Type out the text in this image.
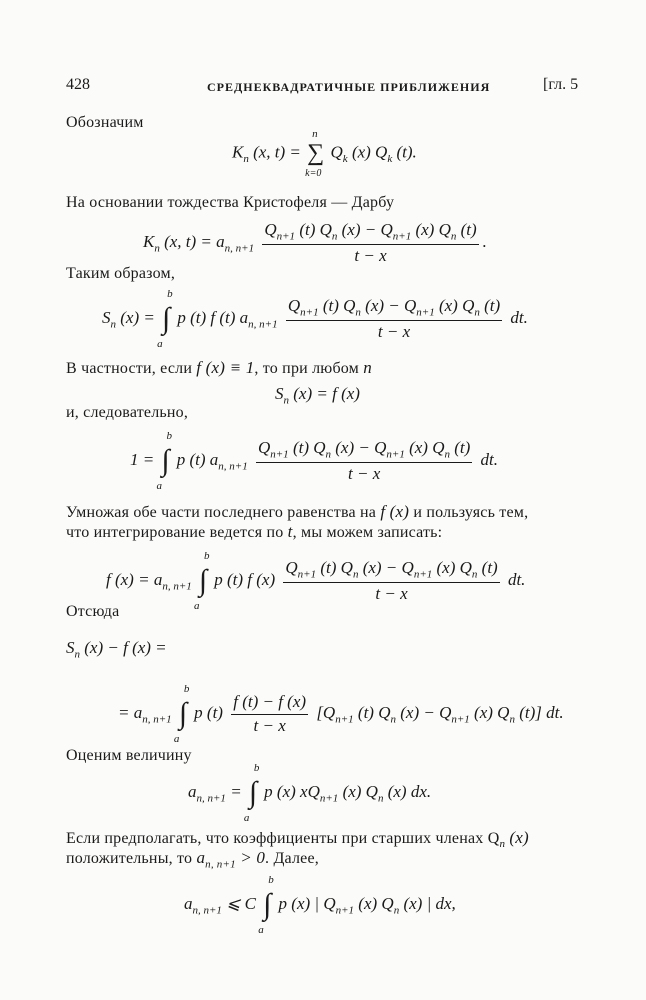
428	СРЕДНЕКВАДРАТИЧНЫЕ ПРИБЛИЖЕНИЯ	[гл. 5
Обозначим
$K_n$ (x, t) = ∑
n
k=0
$Q_k$ (x) $Q_k$ (t).
На основании тождества Кристофеля — Дарбу
$K_n$ (x, $t) = a_{n, n+1} \frac{Q_{n+1} (t) Q_n (x) - Q_{n+1} (x) Q_n (t)}{t - x}$ .
Таким образом,
$S_n$ (x) = ∫
b
a
p (t) f (t) $a_{n, n+1} \frac{Q_{n+1} (t) Q_n (x) - Q_{n+1} (x) Q_n (t)}{t - x}$ dt.
В частности, если f (x) ≡ 1, то при любом n
$S_n$ (x) = f (x)
и, следовательно,
1 = ∫
b
a
p (t) $a_{n, n+1} \frac{Q_{n+1} (t) Q_n (x) - Q_{n+1} (x) Q_n (t)}{t - x}$ dt.
Умножая обе части последнего равенства на f (x) и пользуясь тем,
что интегрирование ведется по t, мы можем записать:
f $(x) = a_{n, n+1}$ ∫
b
a
p (t) f $(x) \frac{Q_{n+1} (t) Q_n (x) - Q_{n+1} (x) Q_n (t)}{t - x}$ dt.
Отсюда
$S_n$ (x) − f (x) =
= $a_{n, n+1}$ ∫
b
a
p $(t) \frac{f (t) - f (x)}{t - x} [Q_{n+1}$ (t) $Q_n$ $(x) - Q_{n+1}$ (x) $Q_n$ (t)] dt.
Оценим величину
$a_{n, n+1}$ = ∫
b
a
p (x) $xQ_{n+1}$ (x) $Q_n$ (x) dx.
Если предполагать, что коэффициенты при старших членах $Q_n$ (x)
положительны, то $a_{n, n+1} > 0$. Далее,
$a_{n, n+1}$ ⩽ C ∫
b
a
p (x) | $Q_{n+1}$ (x) $Q_n$ (x) | dx,
